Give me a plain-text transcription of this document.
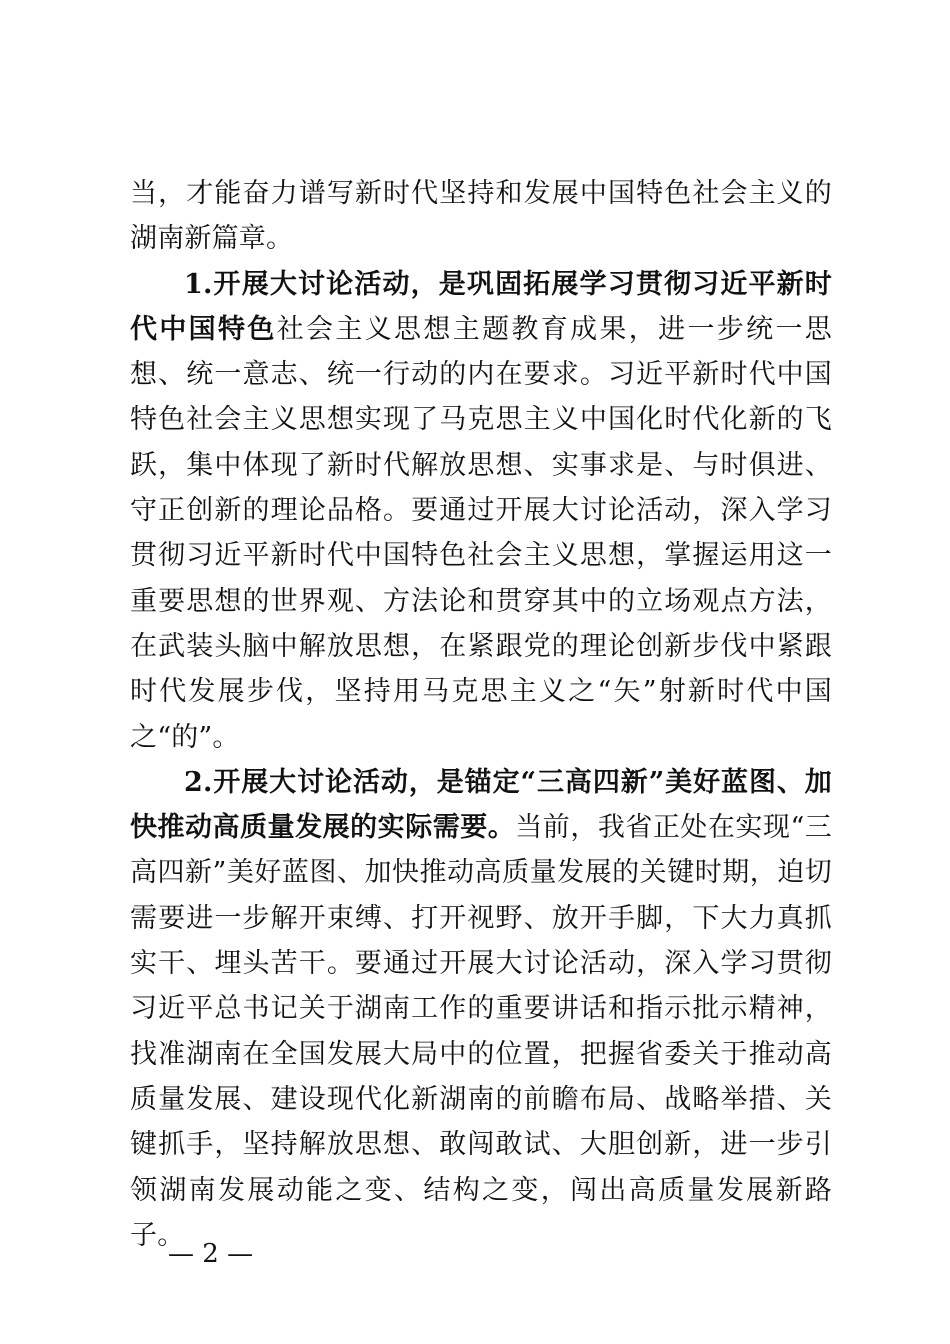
当，才能奋力谱写新时代坚持和发展中国特色社会主义的湖南新篇章。

1.开展大讨论活动，是巩固拓展学习贯彻习近平新时代中国特色社会主义思想主题教育成果，进一步统一思想、统一意志、统一行动的内在要求。习近平新时代中国特色社会主义思想实现了马克思主义中国化时代化新的飞跃，集中体现了新时代解放思想、实事求是、与时俱进、守正创新的理论品格。要通过开展大讨论活动，深入学习贯彻习近平新时代中国特色社会主义思想，掌握运用这一重要思想的世界观、方法论和贯穿其中的立场观点方法，在武装头脑中解放思想，在紧跟党的理论创新步伐中紧跟时代发展步伐，坚持用马克思主义之“矢”射新时代中国之“的”。

2.开展大讨论活动，是锚定“三高四新”美好蓝图、加快推动高质量发展的实际需要。当前，我省正处在实现“三高四新”美好蓝图、加快推动高质量发展的关键时期，迫切需要进一步解开束缚、打开视野、放开手脚，下大力真抓实干、埋头苦干。要通过开展大讨论活动，深入学习贯彻习近平总书记关于湖南工作的重要讲话和指示批示精神，找准湖南在全国发展大局中的位置，把握省委关于推动高质量发展、建设现代化新湖南的前瞻布局、战略举措、关键抓手，坚持解放思想、敢闯敢试、大胆创新，进一步引领湖南发展动能之变、结构之变，闯出高质量发展新路子。

— 2 —
